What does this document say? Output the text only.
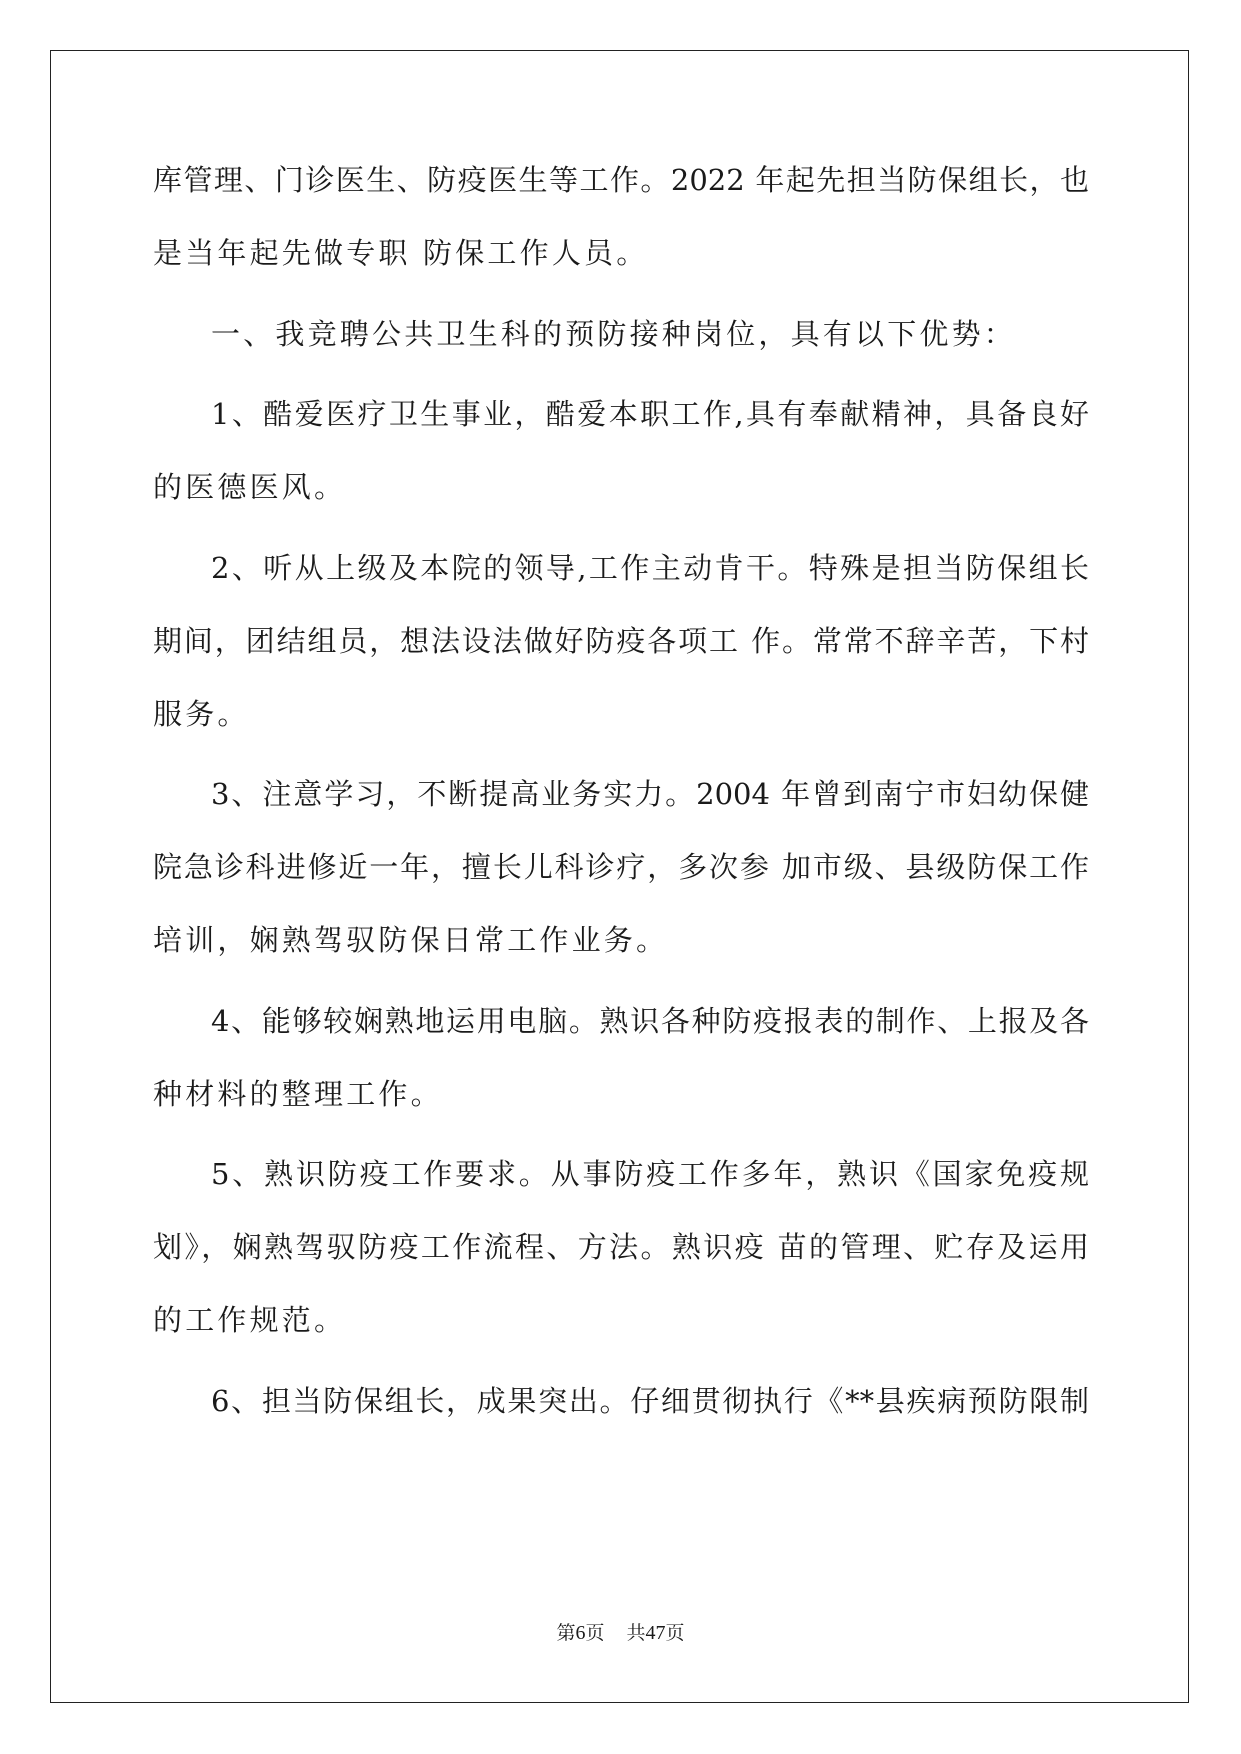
库管理、门诊医生、防疫医生等工作。2022 年起先担当防保组长，也
是当年起先做专职 防保工作人员。
一、我竞聘公共卫生科的预防接种岗位，具有以下优势：
1、酷爱医疗卫生事业，酷爱本职工作,具有奉献精神，具备良好
的医德医风。
2、听从上级及本院的领导,工作主动肯干。特殊是担当防保组长
期间，团结组员，想法设法做好防疫各项工 作。常常不辞辛苦，下村
服务。
3、注意学习，不断提高业务实力。2004 年曾到南宁市妇幼保健
院急诊科进修近一年，擅长儿科诊疗，多次参 加市级、县级防保工作
培训，娴熟驾驭防保日常工作业务。
4、能够较娴熟地运用电脑。熟识各种防疫报表的制作、上报及各
种材料的整理工作。
5、熟识防疫工作要求。从事防疫工作多年，熟识《国家免疫规
划》，娴熟驾驭防疫工作流程、方法。熟识疫 苗的管理、贮存及运用
的工作规范。
6、担当防保组长，成果突出。仔细贯彻执行《**县疾病预防限制
第6页 共47页
